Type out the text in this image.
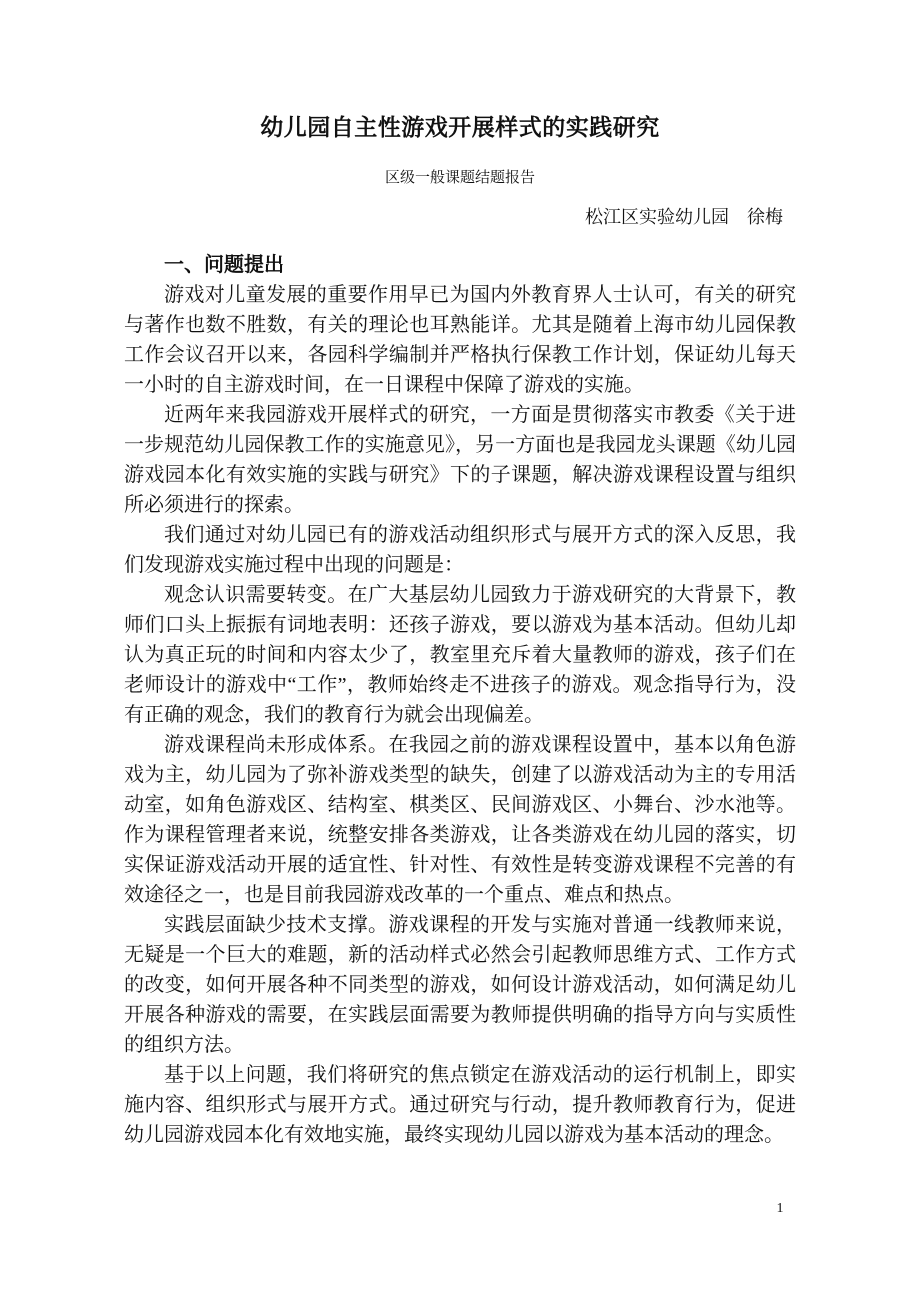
幼儿园自主性游戏开展样式的实践研究
区级一般课题结题报告
松江区实验幼儿园　徐梅
一、问题提出

游戏对儿童发展的重要作用早已为国内外教育界人士认可，有关的研究与著作也数不胜数，有关的理论也耳熟能详。尤其是随着上海市幼儿园保教工作会议召开以来，各园科学编制并严格执行保教工作计划，保证幼儿每天一小时的自主游戏时间，在一日课程中保障了游戏的实施。

近两年来我园游戏开展样式的研究，一方面是贯彻落实市教委《关于进一步规范幼儿园保教工作的实施意见》，另一方面也是我园龙头课题《幼儿园游戏园本化有效实施的实践与研究》下的子课题，解决游戏课程设置与组织所必须进行的探索。

我们通过对幼儿园已有的游戏活动组织形式与展开方式的深入反思，我们发现游戏实施过程中出现的问题是：

观念认识需要转变。在广大基层幼儿园致力于游戏研究的大背景下，教师们口头上振振有词地表明：还孩子游戏，要以游戏为基本活动。但幼儿却认为真正玩的时间和内容太少了，教室里充斥着大量教师的游戏，孩子们在老师设计的游戏中“工作”，教师始终走不进孩子的游戏。观念指导行为，没有正确的观念，我们的教育行为就会出现偏差。

游戏课程尚未形成体系。在我园之前的游戏课程设置中，基本以角色游戏为主，幼儿园为了弥补游戏类型的缺失，创建了以游戏活动为主的专用活动室，如角色游戏区、结构室、棋类区、民间游戏区、小舞台、沙水池等。作为课程管理者来说，统整安排各类游戏，让各类游戏在幼儿园的落实，切实保证游戏活动开展的适宜性、针对性、有效性是转变游戏课程不完善的有效途径之一，也是目前我园游戏改革的一个重点、难点和热点。

实践层面缺少技术支撑。游戏课程的开发与实施对普通一线教师来说，无疑是一个巨大的难题，新的活动样式必然会引起教师思维方式、工作方式的改变，如何开展各种不同类型的游戏，如何设计游戏活动，如何满足幼儿开展各种游戏的需要，在实践层面需要为教师提供明确的指导方向与实质性的组织方法。

基于以上问题，我们将研究的焦点锁定在游戏活动的运行机制上，即实施内容、组织形式与展开方式。通过研究与行动，提升教师教育行为，促进幼儿园游戏园本化有效地实施，最终实现幼儿园以游戏为基本活动的理念。

1
